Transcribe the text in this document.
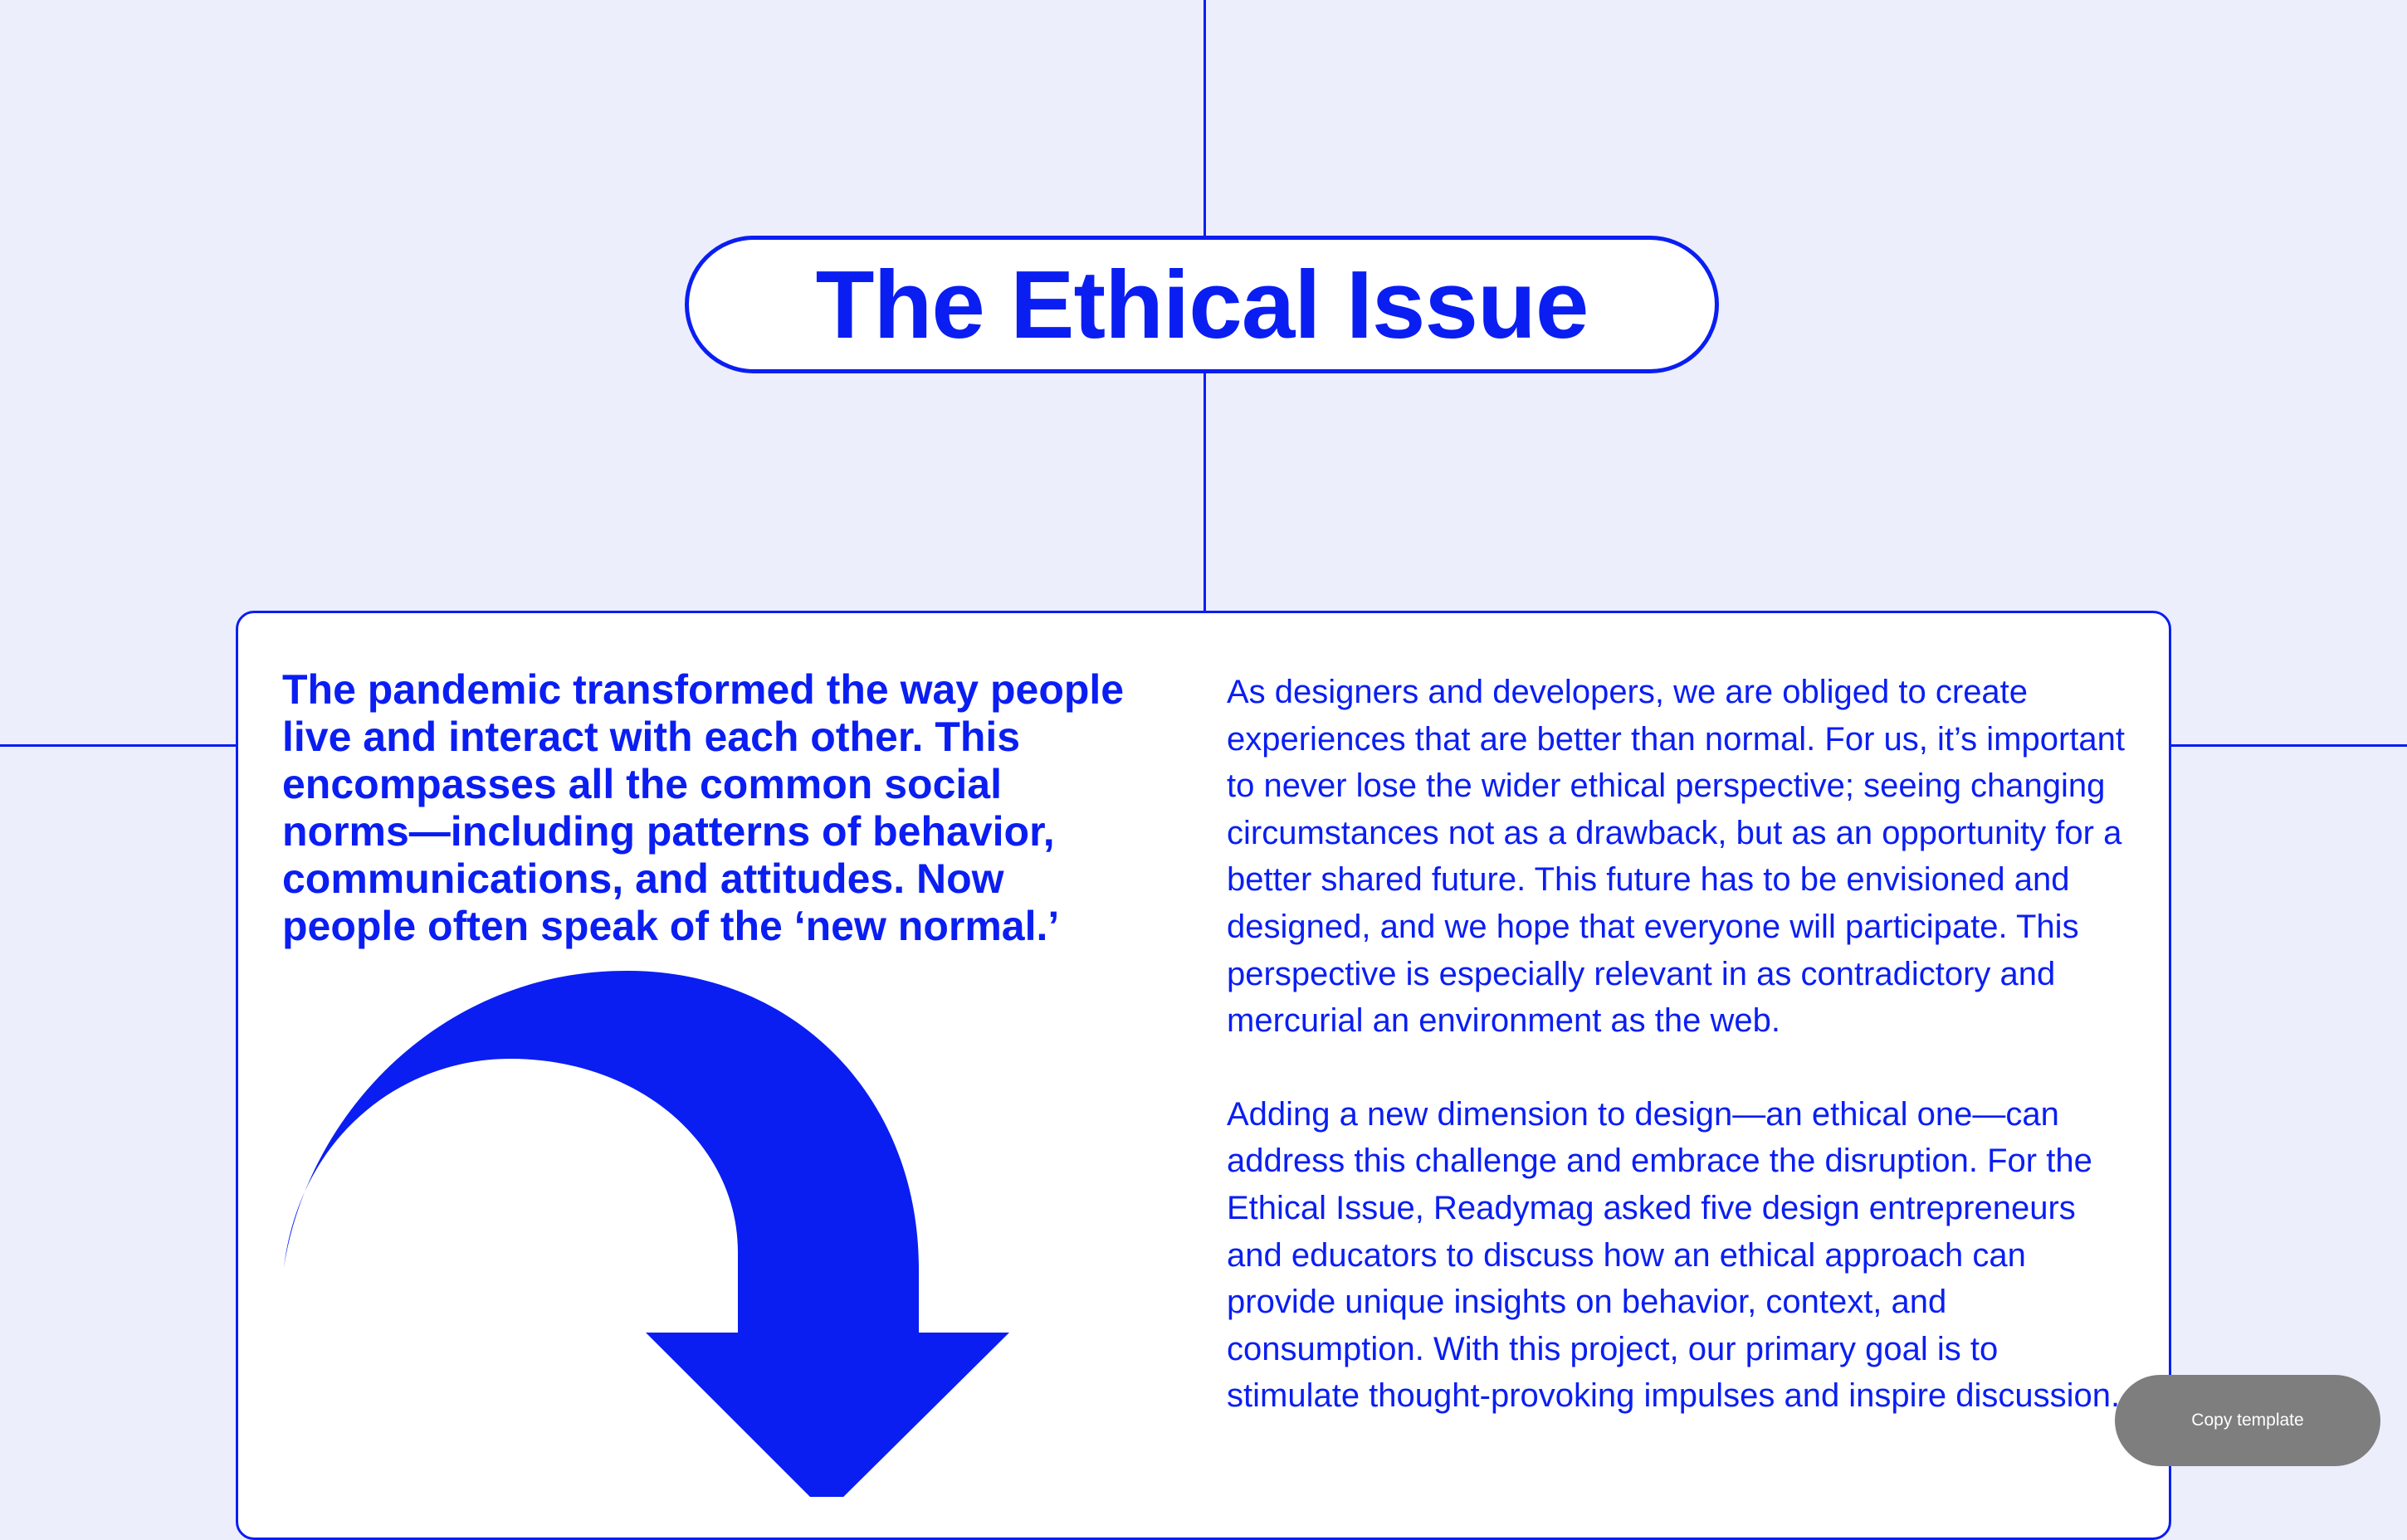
The Ethical Issue

The pandemic transformed the way people live and interact with each other. This encompasses all the common social norms—including patterns of behavior, communications, and attitudes. Now people often speak of the ‘new normal.’

As designers and developers, we are obliged to create experiences that are better than normal. For us, it’s important to never lose the wider ethical perspective; seeing changing circumstances not as a drawback, but as an opportunity for a better shared future. This future has to be envisioned and designed, and we hope that everyone will participate. This perspective is especially relevant in as contradictory and mercurial an environment as the web.

Adding a new dimension to design—an ethical one—can address this challenge and embrace the disruption. For the Ethical Issue, Readymag asked five design entrepreneurs and educators to discuss how an ethical approach can provide unique insights on behavior, context, and consumption. With this project, our primary goal is to stimulate thought-provoking impulses and inspire discussion.

Copy template
